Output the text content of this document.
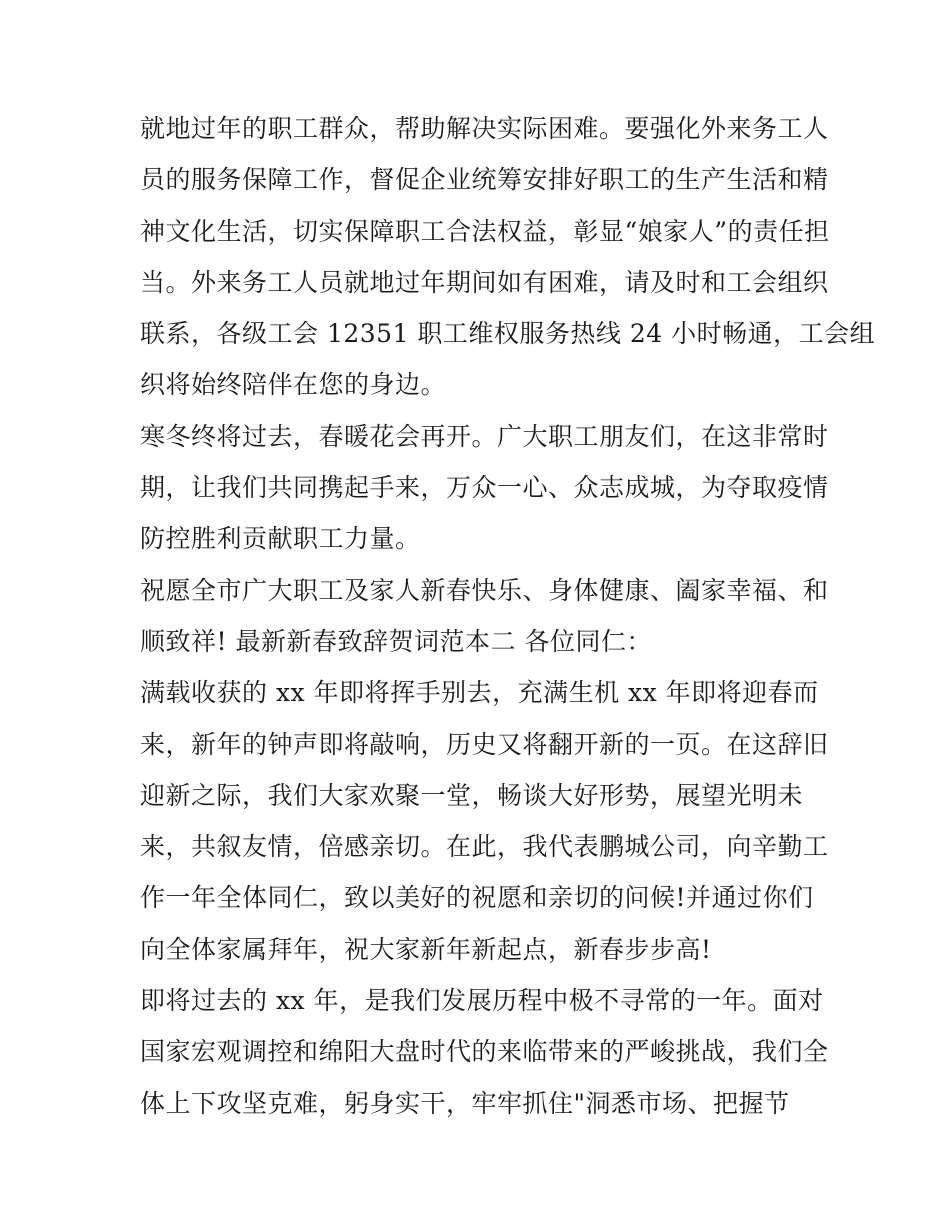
就地过年的职工群众，帮助解决实际困难。要强化外来务工人
员的服务保障工作，督促企业统筹安排好职工的生产生活和精
神文化生活，切实保障职工合法权益，彰显“娘家人”的责任担
当。外来务工人员就地过年期间如有困难，请及时和工会组织
联系，各级工会 12351 职工维权服务热线 24 小时畅通，工会组
织将始终陪伴在您的身边。
寒冬终将过去，春暖花会再开。广大职工朋友们，在这非常时
期，让我们共同携起手来，万众一心、众志成城，为夺取疫情
防控胜利贡献职工力量。
祝愿全市广大职工及家人新春快乐、身体健康、阖家幸福、和
顺致祥! 最新新春致辞贺词范本二 各位同仁：
满载收获的 xx 年即将挥手别去，充满生机 xx 年即将迎春而
来，新年的钟声即将敲响，历史又将翻开新的一页。在这辞旧
迎新之际，我们大家欢聚一堂，畅谈大好形势，展望光明未
来，共叙友情，倍感亲切。在此，我代表鹏城公司，向辛勤工
作一年全体同仁，致以美好的祝愿和亲切的问候!并通过你们
向全体家属拜年，祝大家新年新起点，新春步步高!
即将过去的 xx 年，是我们发展历程中极不寻常的一年。面对
国家宏观调控和绵阳大盘时代的来临带来的严峻挑战，我们全
体上下攻坚克难，躬身实干，牢牢抓住"洞悉市场、把握节
